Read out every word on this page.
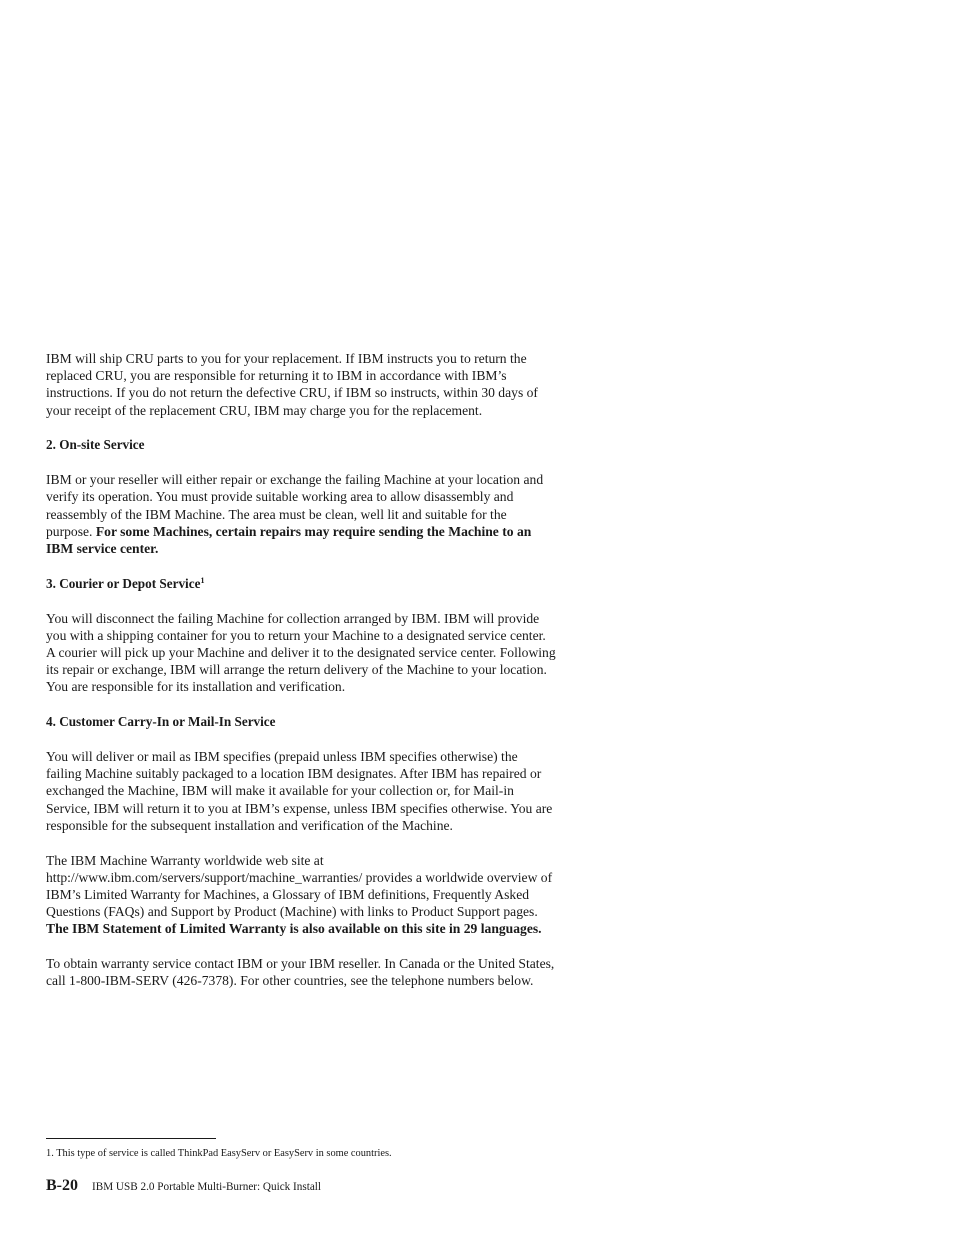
IBM will ship CRU parts to you for your replacement. If IBM instructs you to return the replaced CRU, you are responsible for returning it to IBM in accordance with IBM’s instructions. If you do not return the defective CRU, if IBM so instructs, within 30 days of your receipt of the replacement CRU, IBM may charge you for the replacement.

2. On-site Service

IBM or your reseller will either repair or exchange the failing Machine at your location and verify its operation. You must provide suitable working area to allow disassembly and reassembly of the IBM Machine. The area must be clean, well lit and suitable for the purpose. For some Machines, certain repairs may require sending the Machine to an IBM service center.

3. Courier or Depot Service$^1$

You will disconnect the failing Machine for collection arranged by IBM. IBM will provide you with a shipping container for you to return your Machine to a designated service center. A courier will pick up your Machine and deliver it to the designated service center. Following its repair or exchange, IBM will arrange the return delivery of the Machine to your location. You are responsible for its installation and verification.

4. Customer Carry-In or Mail-In Service

You will deliver or mail as IBM specifies (prepaid unless IBM specifies otherwise) the failing Machine suitably packaged to a location IBM designates. After IBM has repaired or exchanged the Machine, IBM will make it available for your collection or, for Mail-in Service, IBM will return it to you at IBM’s expense, unless IBM specifies otherwise. You are responsible for the subsequent installation and verification of the Machine.

The IBM Machine Warranty worldwide web site at http://www.ibm.com/servers/support/machine_warranties/ provides a worldwide overview of IBM’s Limited Warranty for Machines, a Glossary of IBM definitions, Frequently Asked Questions (FAQs) and Support by Product (Machine) with links to Product Support pages. The IBM Statement of Limited Warranty is also available on this site in 29 languages.

To obtain warranty service contact IBM or your IBM reseller. In Canada or the United States, call 1-800-IBM-SERV (426-7378). For other countries, see the telephone numbers below.

1. This type of service is called ThinkPad EasyServ or EasyServ in some countries.
B-20 IBM USB 2.0 Portable Multi-Burner: Quick Install
